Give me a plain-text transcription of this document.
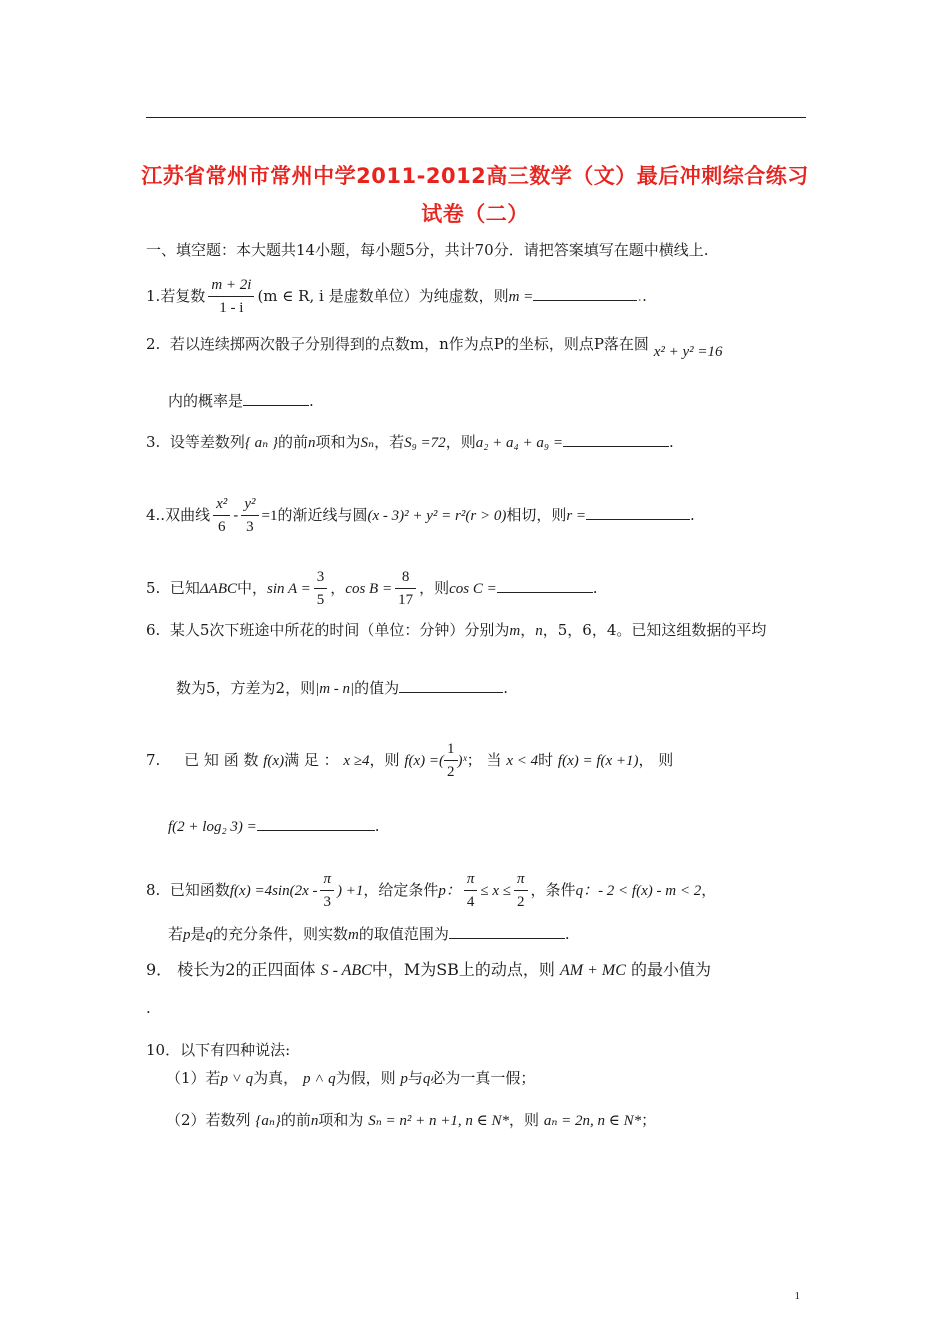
江苏省常州市常州中学2011-2012高三数学（文）最后冲刺综合练习
试卷（二）
一、填空题：本大题共14小题，每小题5分，共计70分．请把答案填写在题中横线上.
1.若复数 $\frac{m + 2i}{1 - i} (m$ ∈ R, i 是虚数单位）为纯虚数，则m =	..
2. 若以连续掷两次骰子分别得到的点数m，n作为点P的坐标，则点P落在圆 x² + y² =16
内的概率是	.
3. 设等差数列{ aₙ }的前n项和为Sₙ，若S₉ =72，则a₂ + a₄ + a₉ =	.
4..双曲线 $\frac{\text{x²}}{6} - \frac{\text{y²}}{3} =1$的渐近线与圆(x - 3)² + y² = r²(r > 0)相切，则r =	.
5. 已知ΔABC中，$\sin A = \frac{3}{5}$ ，$\cos B = \frac{8}{17}$ ，则cos C =	.
6. 某人5次下班途中所花的时间（单位：分钟）分别为m，n，5，6，4。已知这组数据的平均
数为5，方差为2，则|m - n|的值为	.
7. 已 知 函 数 f(x)满 足 ： x ≥4，则 f(x) =( $\frac{1}{2}$ )ˣ； 当 x < 4时 f(x) = f(x +1)， 则
f(2 + log₂ 3) =	.
8. 已知函数$f(x) =4\sin(2x - \frac{\pi}{3}$ ) +1，给定条件p： $\frac{\pi}{4} \le x \le \frac{\pi}{2}$ ，条件q：- 2 < f(x) - m < 2，
若p是q的充分条件，则实数m的取值范围为	.
9． 棱长为2的正四面体 S - ABC中，M为SB上的动点，则 AM + MC 的最小值为
.
10．以下有四种说法:
（1）若p ˅ q为真， p ˄ q为假，则 p与q必为一真一假；
（2）若数列 {aₙ}的前n项和为 Sₙ = n² + n +1, n ∈ N*，则 aₙ = 2n, n ∈ N*；
1
